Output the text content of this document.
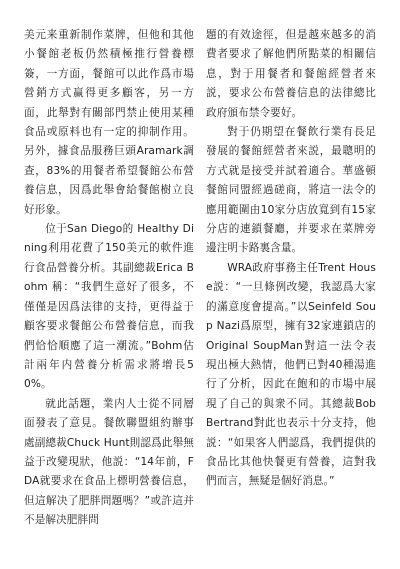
美元来重新制作菜牌，但他和其他小餐館老板仍然積極推行營養標簽，一方面，餐館可以此作爲市場營銷方式赢得更多顧客，另一方面，此舉對有關部門禁止使用某種食品或原料也有一定的抑制作用。另外，據食品服務巨頭Aramark調查，83%的用餐者希望餐館公布營養信息，因爲此舉會給餐館樹立良好形象。

位于San Diego的 Healthy Dining利用花費了150美元的軟件進行食品營養分析。其副總裁Erica Bohm 稱：“我們生意好了很多，不僅僅是因爲法律的支持，更得益于顧客要求餐館公布營養信息，而我們恰恰順應了這一潮流。”Bohm估計兩年内營養分析需求將增長50%。

就此話題，業内人士從不同層面發表了意見。餐飲聯盟組約辦事處副總裁Chuck Hunt則認爲此舉無益于改變現狀，他説：“14年前，FDA就要求在食品上標明營養信息，但這解决了肥胖問題嗎？”或許這并不是解决肥胖問

題的有效途徑，但是越來越多的消費者要求了解他們所點菜的相關信息，對于用餐者和餐館經營者來説，要求公布營養信息的法律總比政府頒布禁令要好。

對于仍期望在餐飲行業有長足發展的餐館經營者來説，最聰明的方式就是接受并試着適合。華盛頓餐館同盟經過磋商，將這一法令的應用範圍由10家分店放寬到有15家分店的連鎖餐廳，并要求在菜牌旁邊注明卡路裏含量。

WRA政府事務主任Trent House説：“一旦條例改變，我認爲大家的滿意度會提高。”以Seinfeld Soup Nazi爲原型，擁有32家連鎖店的Original SoupMan對這一法令表現出極大熱情，他們已對40種湯進行了分析，因此在飽和的市場中展現了自己的與衆不同。其總裁Bob Bertrand對此也表示十分支持，他説：“如果客人們認爲，我們提供的食品比其他快餐更有營養，這對我們而言，無疑是個好消息。”
